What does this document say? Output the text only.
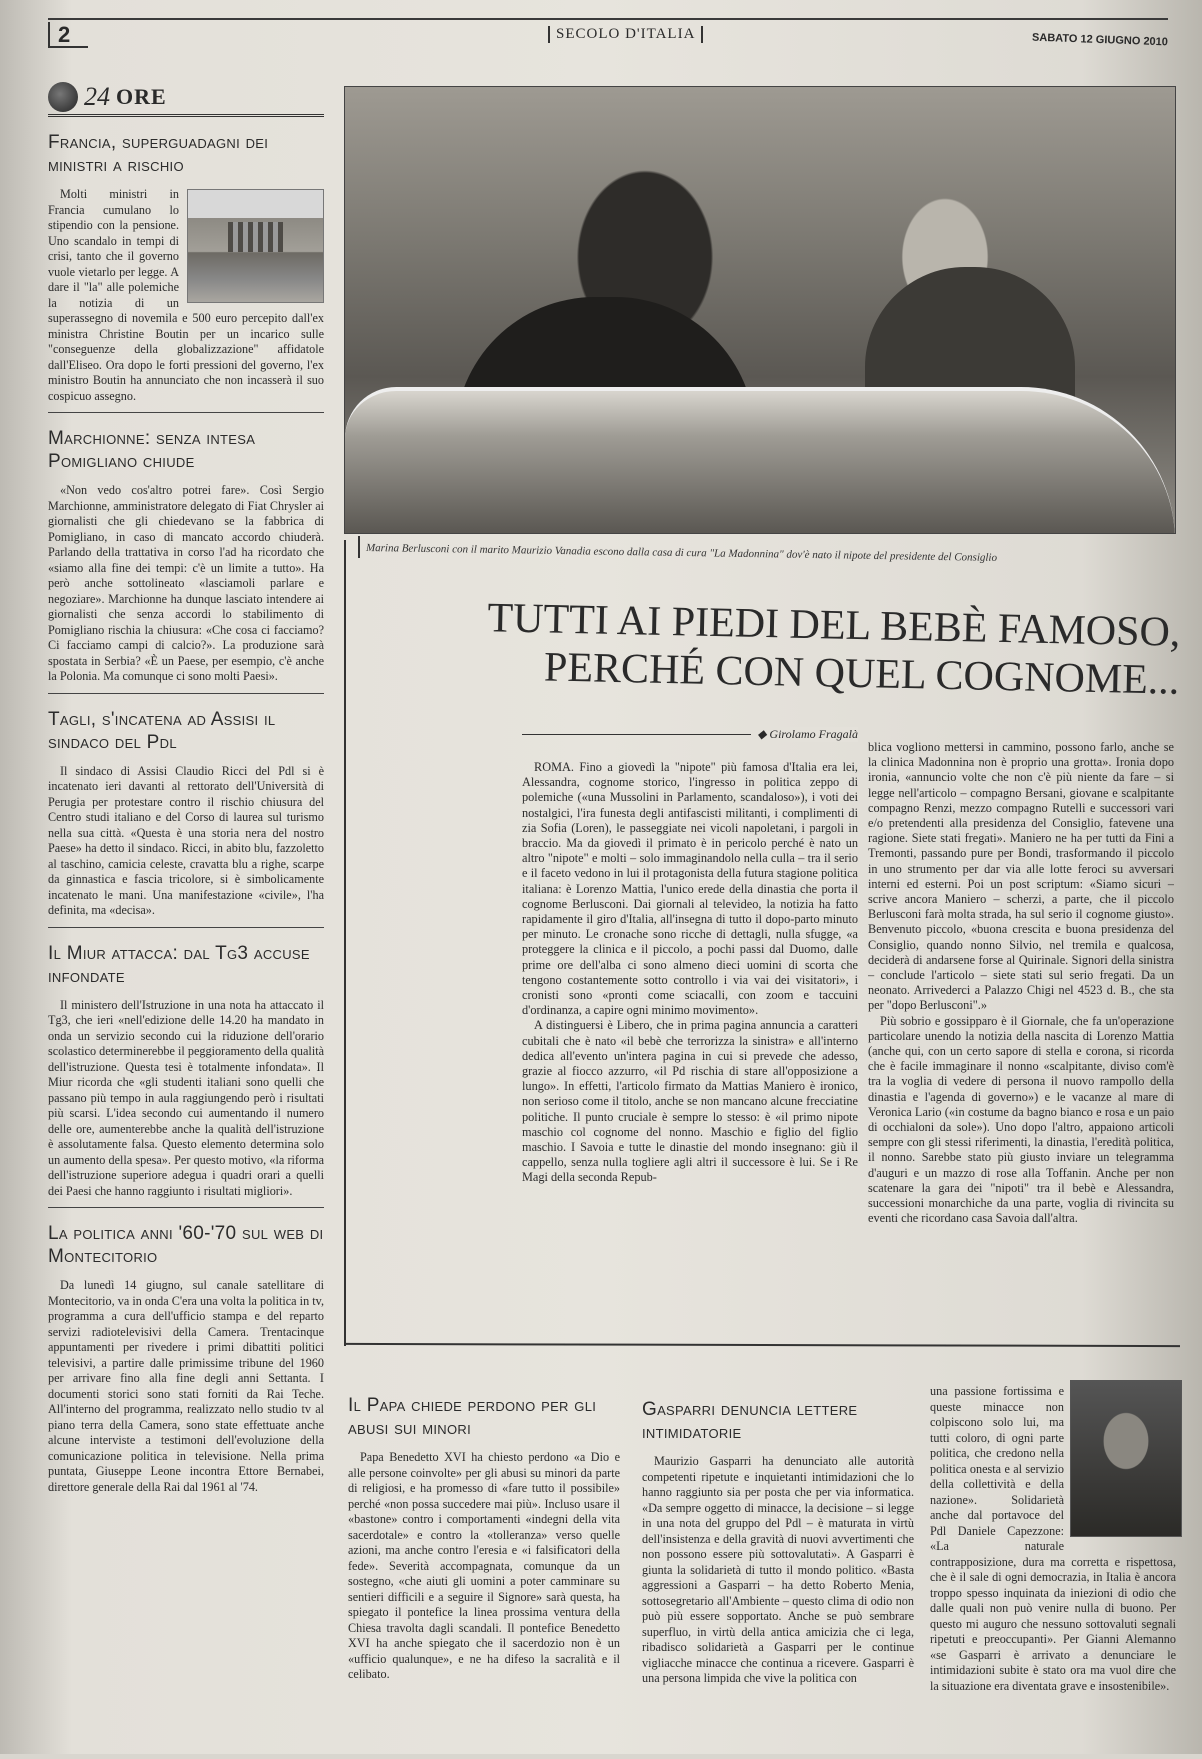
2	SECOLO D'ITALIA	SABATO 12 GIUGNO 2010
24 ORE
Francia, superguadagni dei ministri a rischio

Molti ministri in Francia cumulano lo stipendio con la pensione. Uno scandalo in tempi di crisi, tanto che il governo vuole vietarlo per legge. A dare il "la" alle polemiche la notizia di un superassegno di novemila e 500 euro percepito dall'ex ministra Christine Boutin per un incarico sulle "conseguenze della globalizzazione" affidatole dall'Eliseo. Ora dopo le forti pressioni del governo, l'ex ministro Boutin ha annunciato che non incasserà il suo cospicuo assegno.

Marchionne: senza intesa Pomigliano chiude

«Non vedo cos'altro potrei fare». Così Sergio Marchionne, amministratore delegato di Fiat Chrysler ai giornalisti che gli chiedevano se la fabbrica di Pomigliano, in caso di mancato accordo chiuderà. Parlando della trattativa in corso l'ad ha ricordato che «siamo alla fine dei tempi: c'è un limite a tutto». Ha però anche sottolineato «lasciamoli parlare e negoziare». Marchionne ha dunque lasciato intendere ai giornalisti che senza accordi lo stabilimento di Pomigliano rischia la chiusura: «Che cosa ci facciamo? Ci facciamo campi di calcio?». La produzione sarà spostata in Serbia? «È un Paese, per esempio, c'è anche la Polonia. Ma comunque ci sono molti Paesi».

Tagli, s'incatena ad Assisi il sindaco del Pdl

Il sindaco di Assisi Claudio Ricci del Pdl si è incatenato ieri davanti al rettorato dell'Università di Perugia per protestare contro il rischio chiusura del Centro studi italiano e del Corso di laurea sul turismo nella sua città. «Questa è una storia nera del nostro Paese» ha detto il sindaco. Ricci, in abito blu, fazzoletto al taschino, camicia celeste, cravatta blu a righe, scarpe da ginnastica e fascia tricolore, si è simbolicamente incatenato le mani. Una manifestazione «civile», l'ha definita, ma «decisa».

Il Miur attacca: dal Tg3 accuse infondate

Il ministero dell'Istruzione in una nota ha attaccato il Tg3, che ieri «nell'edizione delle 14.20 ha mandato in onda un servizio secondo cui la riduzione dell'orario scolastico determinerebbe il peggioramento della qualità dell'istruzione. Questa tesi è totalmente infondata». Il Miur ricorda che «gli studenti italiani sono quelli che passano più tempo in aula raggiungendo però i risultati più scarsi. L'idea secondo cui aumentando il numero delle ore, aumenterebbe anche la qualità dell'istruzione è assolutamente falsa. Questo elemento determina solo un aumento della spesa». Per questo motivo, «la riforma dell'istruzione superiore adegua i quadri orari a quelli dei Paesi che hanno raggiunto i risultati migliori».

La politica anni '60-'70 sul web di Montecitorio

Da lunedì 14 giugno, sul canale satellitare di Montecitorio, va in onda C'era una volta la politica in tv, programma a cura dell'ufficio stampa e del reparto servizi radiotelevisivi della Camera. Trentacinque appuntamenti per rivedere i primi dibattiti politici televisivi, a partire dalle primissime tribune del 1960 per arrivare fino alla fine degli anni Settanta. I documenti storici sono stati forniti da Rai Teche. All'interno del programma, realizzato nello studio tv al piano terra della Camera, sono state effettuate anche alcune interviste a testimoni dell'evoluzione della comunicazione politica in televisione. Nella prima puntata, Giuseppe Leone incontra Ettore Bernabei, direttore generale della Rai dal 1961 al '74.

Marina Berlusconi con il marito Maurizio Vanadia escono dalla casa di cura "La Madonnina" dov'è nato il nipote del presidente del Consiglio
TUTTI AI PIEDI DEL BEBÈ FAMOSO,
PERCHÉ CON QUEL COGNOME...
◆ Girolamo Fragalà

ROMA. Fino a giovedì la "nipote" più famosa d'Italia era lei, Alessandra, cognome storico, l'ingresso in politica zeppo di polemiche («una Mussolini in Parlamento, scandaloso»), i voti dei nostalgici, l'ira funesta degli antifascisti militanti, i complimenti di zia Sofia (Loren), le passeggiate nei vicoli napoletani, i pargoli in braccio. Ma da giovedì il primato è in pericolo perché è nato un altro "nipote" e molti – solo immaginandolo nella culla – tra il serio e il faceto vedono in lui il protagonista della futura stagione politica italiana: è Lorenzo Mattia, l'unico erede della dinastia che porta il cognome Berlusconi. Dai giornali al televideo, la notizia ha fatto rapidamente il giro d'Italia, all'insegna di tutto il dopo-parto minuto per minuto. Le cronache sono ricche di dettagli, nulla sfugge, «a proteggere la clinica e il piccolo, a pochi passi dal Duomo, dalle prime ore dell'alba ci sono almeno dieci uomini di scorta che tengono costantemente sotto controllo i via vai dei visitatori», i cronisti sono «pronti come sciacalli, con zoom e taccuini d'ordinanza, a capire ogni minimo movimento».

A distinguersi è Libero, che in prima pagina annuncia a caratteri cubitali che è nato «il bebè che terrorizza la sinistra» e all'interno dedica all'evento un'intera pagina in cui si prevede che adesso, grazie al fiocco azzurro, «il Pd rischia di stare all'opposizione a lungo». In effetti, l'articolo firmato da Mattias Maniero è ironico, non serioso come il titolo, anche se non mancano alcune frecciatine politiche. Il punto cruciale è sempre lo stesso: è «il primo nipote maschio col cognome del nonno. Maschio e figlio del figlio maschio. I Savoia e tutte le dinastie del mondo insegnano: giù il cappello, senza nulla togliere agli altri il successore è lui. Se i Re Magi della seconda Repub-

blica vogliono mettersi in cammino, possono farlo, anche se la clinica Madonnina non è proprio una grotta». Ironia dopo ironia, «annuncio volte che non c'è più niente da fare – si legge nell'articolo – compagno Bersani, giovane e scalpitante compagno Renzi, mezzo compagno Rutelli e successori vari e/o pretendenti alla presidenza del Consiglio, fatevene una ragione. Siete stati fregati». Maniero ne ha per tutti da Fini a Tremonti, passando pure per Bondi, trasformando il piccolo in uno strumento per dar via alle lotte feroci su avversari interni ed esterni. Poi un post scriptum: «Siamo sicuri – scrive ancora Maniero – scherzi, a parte, che il piccolo Berlusconi farà molta strada, ha sul serio il cognome giusto». Benvenuto piccolo, «buona crescita e buona presidenza del Consiglio, quando nonno Silvio, nel tremila e qualcosa, deciderà di andarsene forse al Quirinale. Signori della sinistra – conclude l'articolo – siete stati sul serio fregati. Da un neonato. Arrivederci a Palazzo Chigi nel 4523 d. B., che sta per "dopo Berlusconi".»

Più sobrio e gossipparo è il Giornale, che fa un'operazione particolare unendo la notizia della nascita di Lorenzo Mattia (anche qui, con un certo sapore di stella e corona, si ricorda che è facile immaginare il nonno «scalpitante, diviso com'è tra la voglia di vedere di persona il nuovo rampollo della dinastia e l'agenda di governo») e le vacanze al mare di Veronica Lario («in costume da bagno bianco e rosa e un paio di occhialoni da sole»). Uno dopo l'altro, appaiono articoli sempre con gli stessi riferimenti, la dinastia, l'eredità politica, il nonno. Sarebbe stato più giusto inviare un telegramma d'auguri e un mazzo di rose alla Toffanin. Anche per non scatenare la gara dei "nipoti" tra il bebè e Alessandra, successioni monarchiche da una parte, voglia di rivincita su eventi che ricordano casa Savoia dall'altra.

Il Papa chiede perdono per gli abusi sui minori

Papa Benedetto XVI ha chiesto perdono «a Dio e alle persone coinvolte» per gli abusi su minori da parte di religiosi, e ha promesso di «fare tutto il possibile» perché «non possa succedere mai più». Incluso usare il «bastone» contro i comportamenti «indegni della vita sacerdotale» e contro la «tolleranza» verso quelle azioni, ma anche contro l'eresia e «i falsificatori della fede». Severità accompagnata, comunque da un sostegno, «che aiuti gli uomini a poter camminare su sentieri difficili e a seguire il Signore» sarà questa, ha spiegato il pontefice la linea prossima ventura della Chiesa travolta dagli scandali. Il pontefice Benedetto XVI ha anche spiegato che il sacerdozio non è un «ufficio qualunque», e ne ha difeso la sacralità e il celibato.

Gasparri denuncia lettere intimidatorie

Maurizio Gasparri ha denunciato alle autorità competenti ripetute e inquietanti intimidazioni che lo hanno raggiunto sia per posta che per via informatica. «Da sempre oggetto di minacce, la decisione – si legge in una nota del gruppo del Pdl – è maturata in virtù dell'insistenza e della gravità di nuovi avvertimenti che non possono essere più sottovalutati». A Gasparri è giunta la solidarietà di tutto il mondo politico. «Basta aggressioni a Gasparri – ha detto Roberto Menia, sottosegretario all'Ambiente – questo clima di odio non può più essere sopportato. Anche se può sembrare superfluo, in virtù della antica amicizia che ci lega, ribadisco solidarietà a Gasparri per le continue vigliacche minacce che continua a ricevere. Gasparri è una persona limpida che vive la politica con

una passione fortissima e queste minacce non colpiscono solo lui, ma tutti coloro, di ogni parte politica, che credono nella politica onesta e al servizio della collettività e della nazione». Solidarietà anche dal portavoce del Pdl Daniele Capezzone: «La naturale contrapposizione, dura ma corretta e rispettosa, che è il sale di ogni democrazia, in Italia è ancora troppo spesso inquinata da iniezioni di odio che dalle quali non può venire nulla di buono. Per questo mi auguro che nessuno sottovaluti segnali ripetuti e preoccupanti». Per Gianni Alemanno «se Gasparri è arrivato a denunciare le intimidazioni subite è stato ora ma vuol dire che la situazione era diventata grave e insostenibile».
